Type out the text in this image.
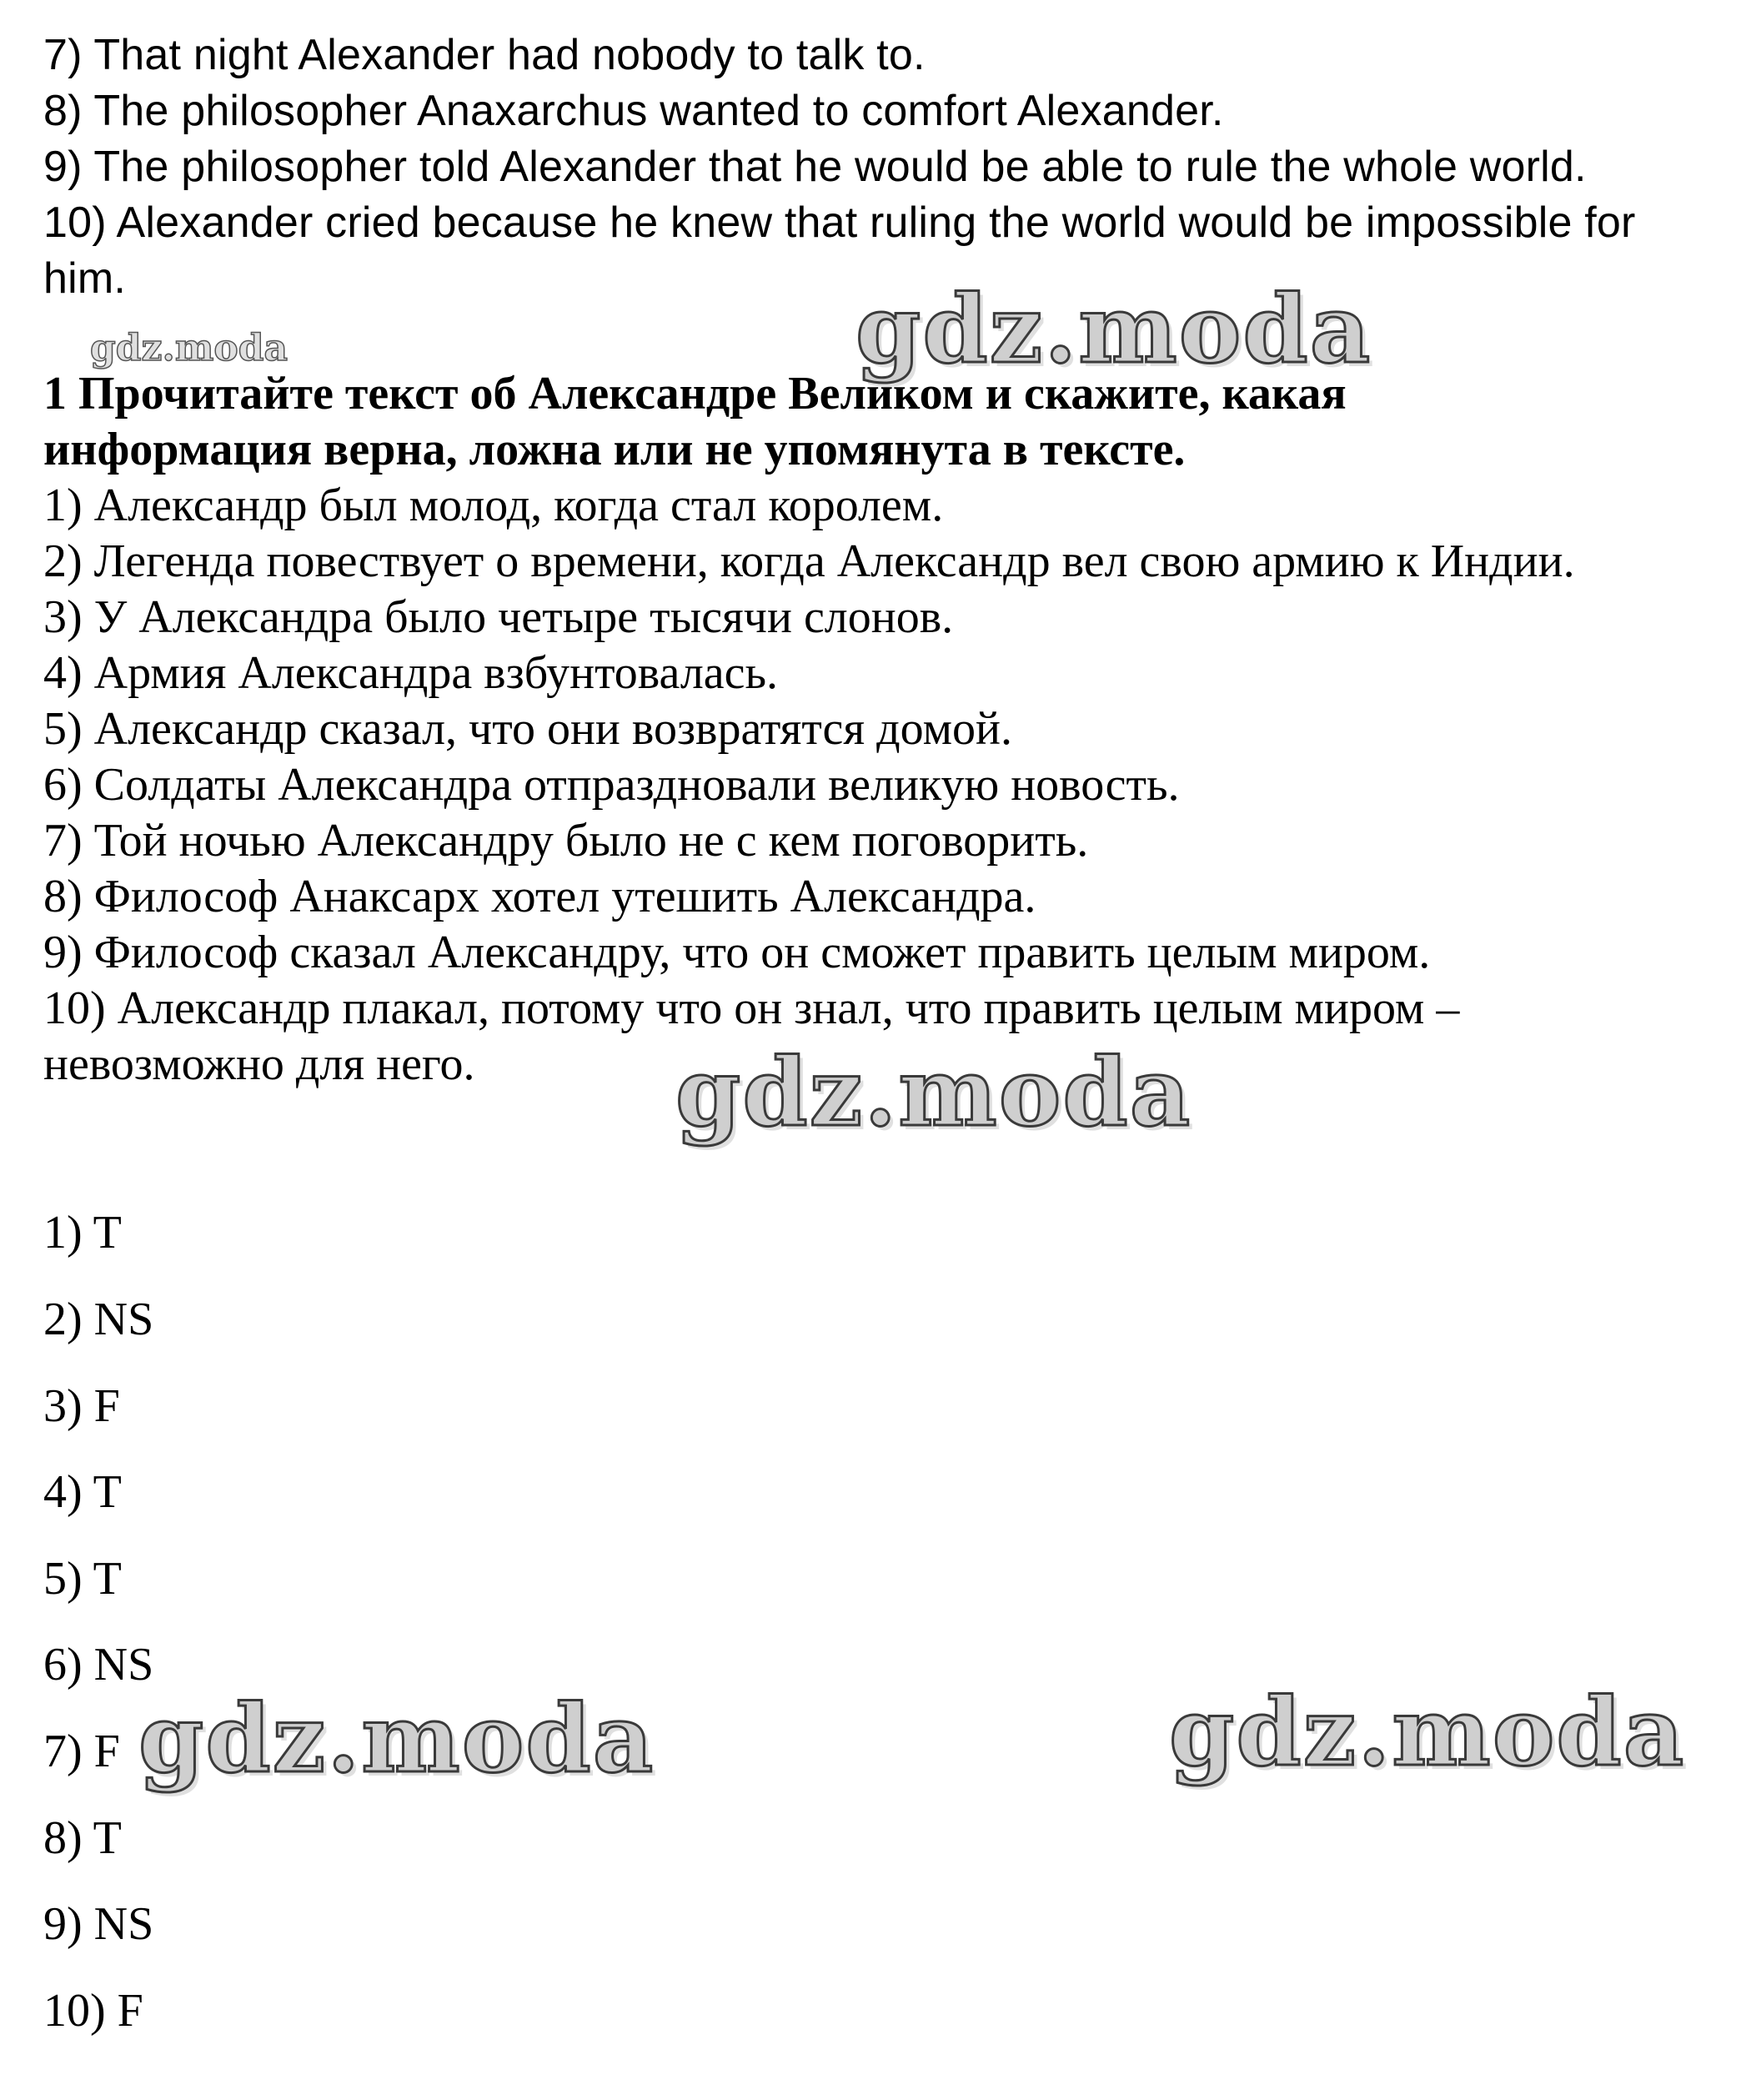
7) That night Alexander had nobody to talk to.
8) The philosopher Anaxarchus wanted to comfort Alexander.
9) The philosopher told Alexander that he would be able to rule the whole world.
10) Alexander cried because he knew that ruling the world would be impossible for
him.
gdz.moda	gdz.moda
1 Прочитайте текст об Александре Великом и скажите, какая
информация верна, ложна или не упомянута в тексте.
1) Александр был молод, когда стал королем.
2) Легенда повествует о времени, когда Александр вел свою армию к Индии.
3) У Александра было четыре тысячи слонов.
4) Армия Александра взбунтовалась.
5) Александр сказал, что они возвратятся домой.
6) Солдаты Александра отпраздновали великую новость.
7) Той ночью Александру было не с кем поговорить.
8) Философ Анаксарх хотел утешить Александра.
9) Философ сказал Александру, что он сможет править целым миром.
10) Александр плакал, потому что он знал, что править целым миром –
невозможно для него. gdz.moda
1) T
2) NS
3) F
4) T
5) T
6) NS
7) F
8) T
9) NS
10) F
gdz.moda	gdz.moda
